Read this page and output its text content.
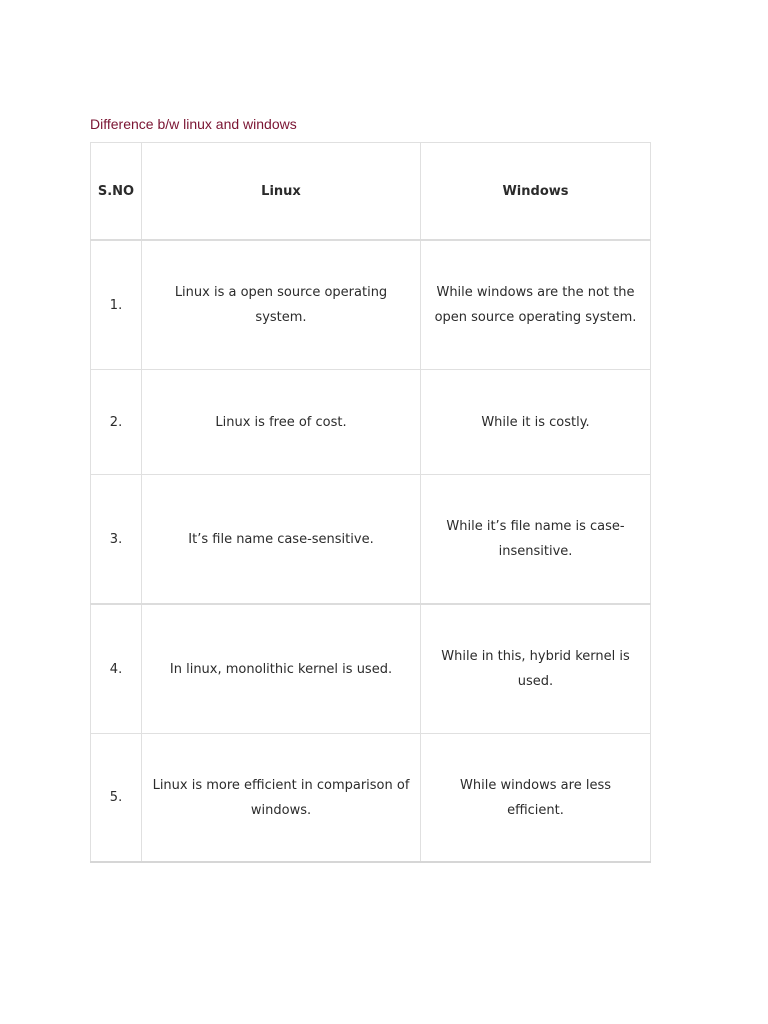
Difference b/w linux and windows
S.NO	Linux	Windows
1.	Linux is a open source operating system.	While windows are the not the open source operating system.
2.	Linux is free of cost.	While it is costly.
3.	It’s file name case-sensitive.	While it’s file name is case-insensitive.
4.	In linux, monolithic kernel is used.	While in this, hybrid kernel is used.
5.	Linux is more efficient in comparison of windows.	While windows are less efficient.
